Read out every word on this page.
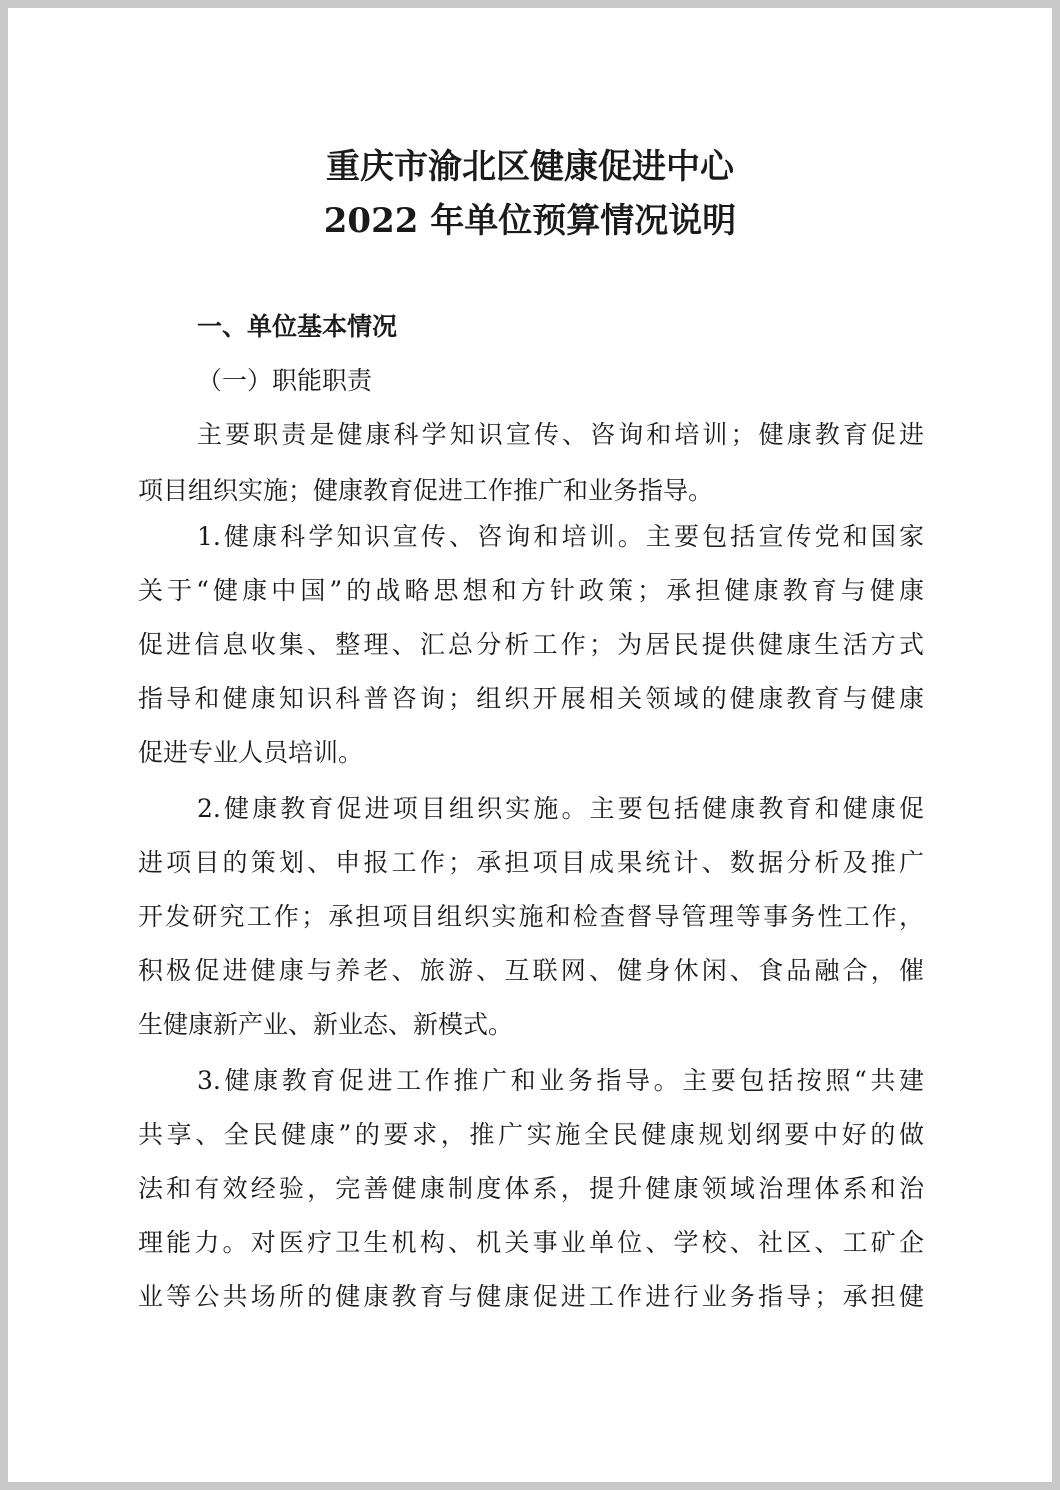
重庆市渝北区健康促进中心
2022 年单位预算情况说明
一、单位基本情况
（一）职能职责
主要职责是健康科学知识宣传、咨询和培训；健康教育促进
项目组织实施；健康教育促进工作推广和业务指导。
1.健康科学知识宣传、咨询和培训。主要包括宣传党和国家
关于“健康中国”的战略思想和方针政策；承担健康教育与健康
促进信息收集、整理、汇总分析工作；为居民提供健康生活方式
指导和健康知识科普咨询；组织开展相关领域的健康教育与健康
促进专业人员培训。
2.健康教育促进项目组织实施。主要包括健康教育和健康促
进项目的策划、申报工作；承担项目成果统计、数据分析及推广
开发研究工作；承担项目组织实施和检查督导管理等事务性工作，
积极促进健康与养老、旅游、互联网、健身休闲、食品融合，催
生健康新产业、新业态、新模式。
3.健康教育促进工作推广和业务指导。主要包括按照“共建
共享、全民健康”的要求，推广实施全民健康规划纲要中好的做
法和有效经验，完善健康制度体系，提升健康领域治理体系和治
理能力。对医疗卫生机构、机关事业单位、学校、社区、工矿企
业等公共场所的健康教育与健康促进工作进行业务指导；承担健
